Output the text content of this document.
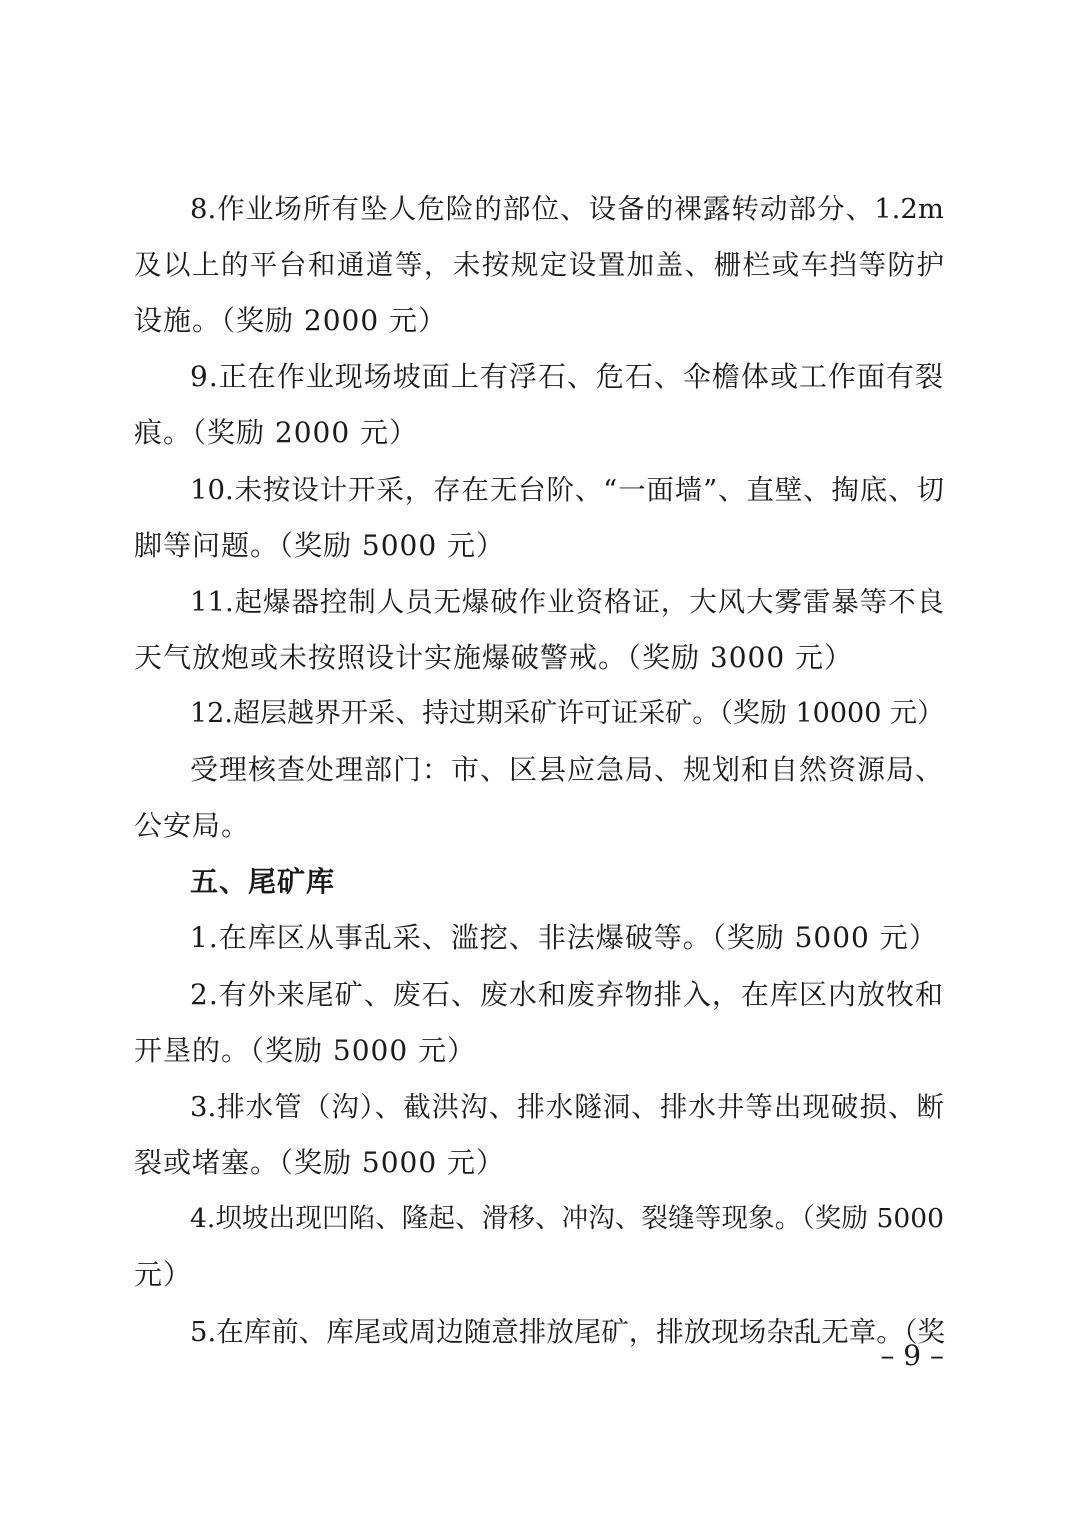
8.作业场所有坠人危险的部位、设备的裸露转动部分、1.2m
及以上的平台和通道等，未按规定设置加盖、栅栏或车挡等防护
设施。（奖励 2000 元）
9.正在作业现场坡面上有浮石、危石、伞檐体或工作面有裂
痕。（奖励 2000 元）
10.未按设计开采，存在无台阶、“一面墙”、直壁、掏底、切
脚等问题。（奖励 5000 元）
11.起爆器控制人员无爆破作业资格证，大风大雾雷暴等不良
天气放炮或未按照设计实施爆破警戒。（奖励 3000 元）
12.超层越界开采、持过期采矿许可证采矿。（奖励 10000 元）
受理核查处理部门：市、区县应急局、规划和自然资源局、
公安局。
五、尾矿库
1.在库区从事乱采、滥挖、非法爆破等。（奖励 5000 元）
2.有外来尾矿、废石、废水和废弃物排入，在库区内放牧和
开垦的。（奖励 5000 元）
3.排水管（沟）、截洪沟、排水隧洞、排水井等出现破损、断
裂或堵塞。（奖励 5000 元）
4.坝坡出现凹陷、隆起、滑移、冲沟、裂缝等现象。（奖励 5000
元）
5.在库前、库尾或周边随意排放尾矿，排放现场杂乱无章。（奖
– 9 –
